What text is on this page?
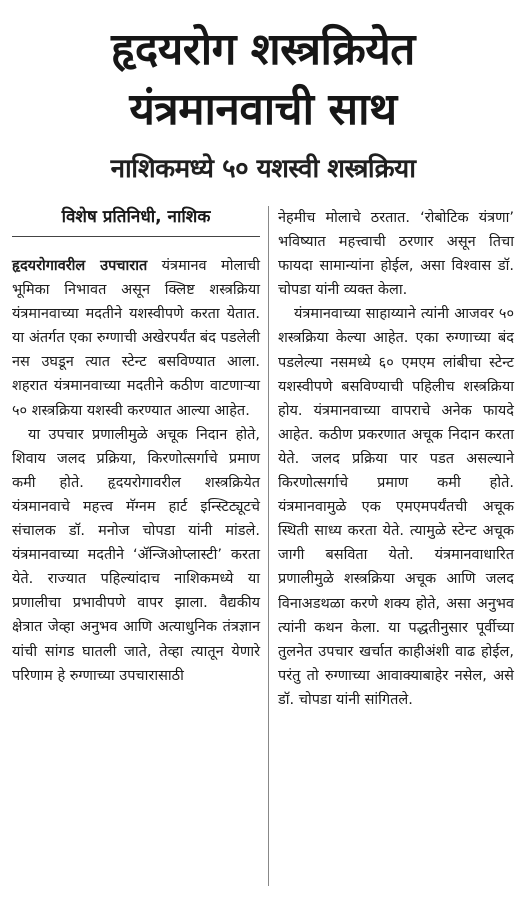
हृदयरोग शस्त्रक्रियेत
यंत्रमानवाची साथ
नाशिकमध्ये ५० यशस्वी शस्त्रक्रिया
विशेष प्रतिनिधी, नाशिक

हृदयरोगावरील उपचारात यंत्रमानव मोलाची भूमिका निभावत असून क्लिष्ट शस्त्रक्रिया यंत्रमानवाच्या मदतीने यशस्वीपणे करता येतात. या अंतर्गत एका रुग्णाची अखेरपर्यंत बंद पडलेली नस उघडून त्यात स्टेन्ट बसविण्यात आला. शहरात यंत्रमानवाच्या मदतीने कठीण वाटणाऱ्या ५० शस्त्रक्रिया यशस्वी करण्यात आल्या आहेत.

या उपचार प्रणालीमुळे अचूक निदान होते, शिवाय जलद प्रक्रिया, किरणोत्सर्गाचे प्रमाण कमी होते. हृदयरोगावरील शस्त्रक्रियेत यंत्रमानवाचे महत्त्व मॅग्नम हार्ट इन्स्टिट्यूटचे संचालक डॉ. मनोज चोपडा यांनी मांडले. यंत्रमानवाच्या मदतीने ‘ॲन्जिओप्लास्टी’ करता येते. राज्यात पहिल्यांदाच नाशिकमध्ये या प्रणालीचा प्रभावीपणे वापर झाला. वैद्यकीय क्षेत्रात जेव्हा अनुभव आणि अत्याधुनिक तंत्रज्ञान यांची सांगड घातली जाते, तेव्हा त्यातून येणारे परिणाम हे रुग्णाच्या उपचारासाठी

नेहमीच मोलाचे ठरतात. ‘रोबोटिक यंत्रणा’ भविष्यात महत्त्वाची ठरणार असून तिचा फायदा सामान्यांना होईल, असा विश्वास डॉ. चोपडा यांनी व्यक्त केला.

यंत्रमानवाच्या साहाय्याने त्यांनी आजवर ५० शस्त्रक्रिया केल्या आहेत. एका रुग्णाच्या बंद पडलेल्या नसमध्ये ६० एमएम लांबीचा स्टेन्ट यशस्वीपणे बसविण्याची पहिलीच शस्त्रक्रिया होय. यंत्रमानवाच्या वापराचे अनेक फायदे आहेत. कठीण प्रकरणात अचूक निदान करता येते. जलद प्रक्रिया पार पडत असल्याने किरणोत्सर्गाचे प्रमाण कमी होते. यंत्रमानवामुळे एक एमएमपर्यंतची अचूक स्थिती साध्य करता येते. त्यामुळे स्टेन्ट अचूक जागी बसविता येतो. यंत्रमानवाधारित प्रणालीमुळे शस्त्रक्रिया अचूक आणि जलद विनाअडथळा करणे शक्य होते, असा अनुभव त्यांनी कथन केला. या पद्धतीनुसार पूर्वीच्या तुलनेत उपचार खर्चात काहीअंशी वाढ होईल, परंतु तो रुग्णाच्या आवाक्याबाहेर नसेल, असे डॉ. चोपडा यांनी सांगितले.
